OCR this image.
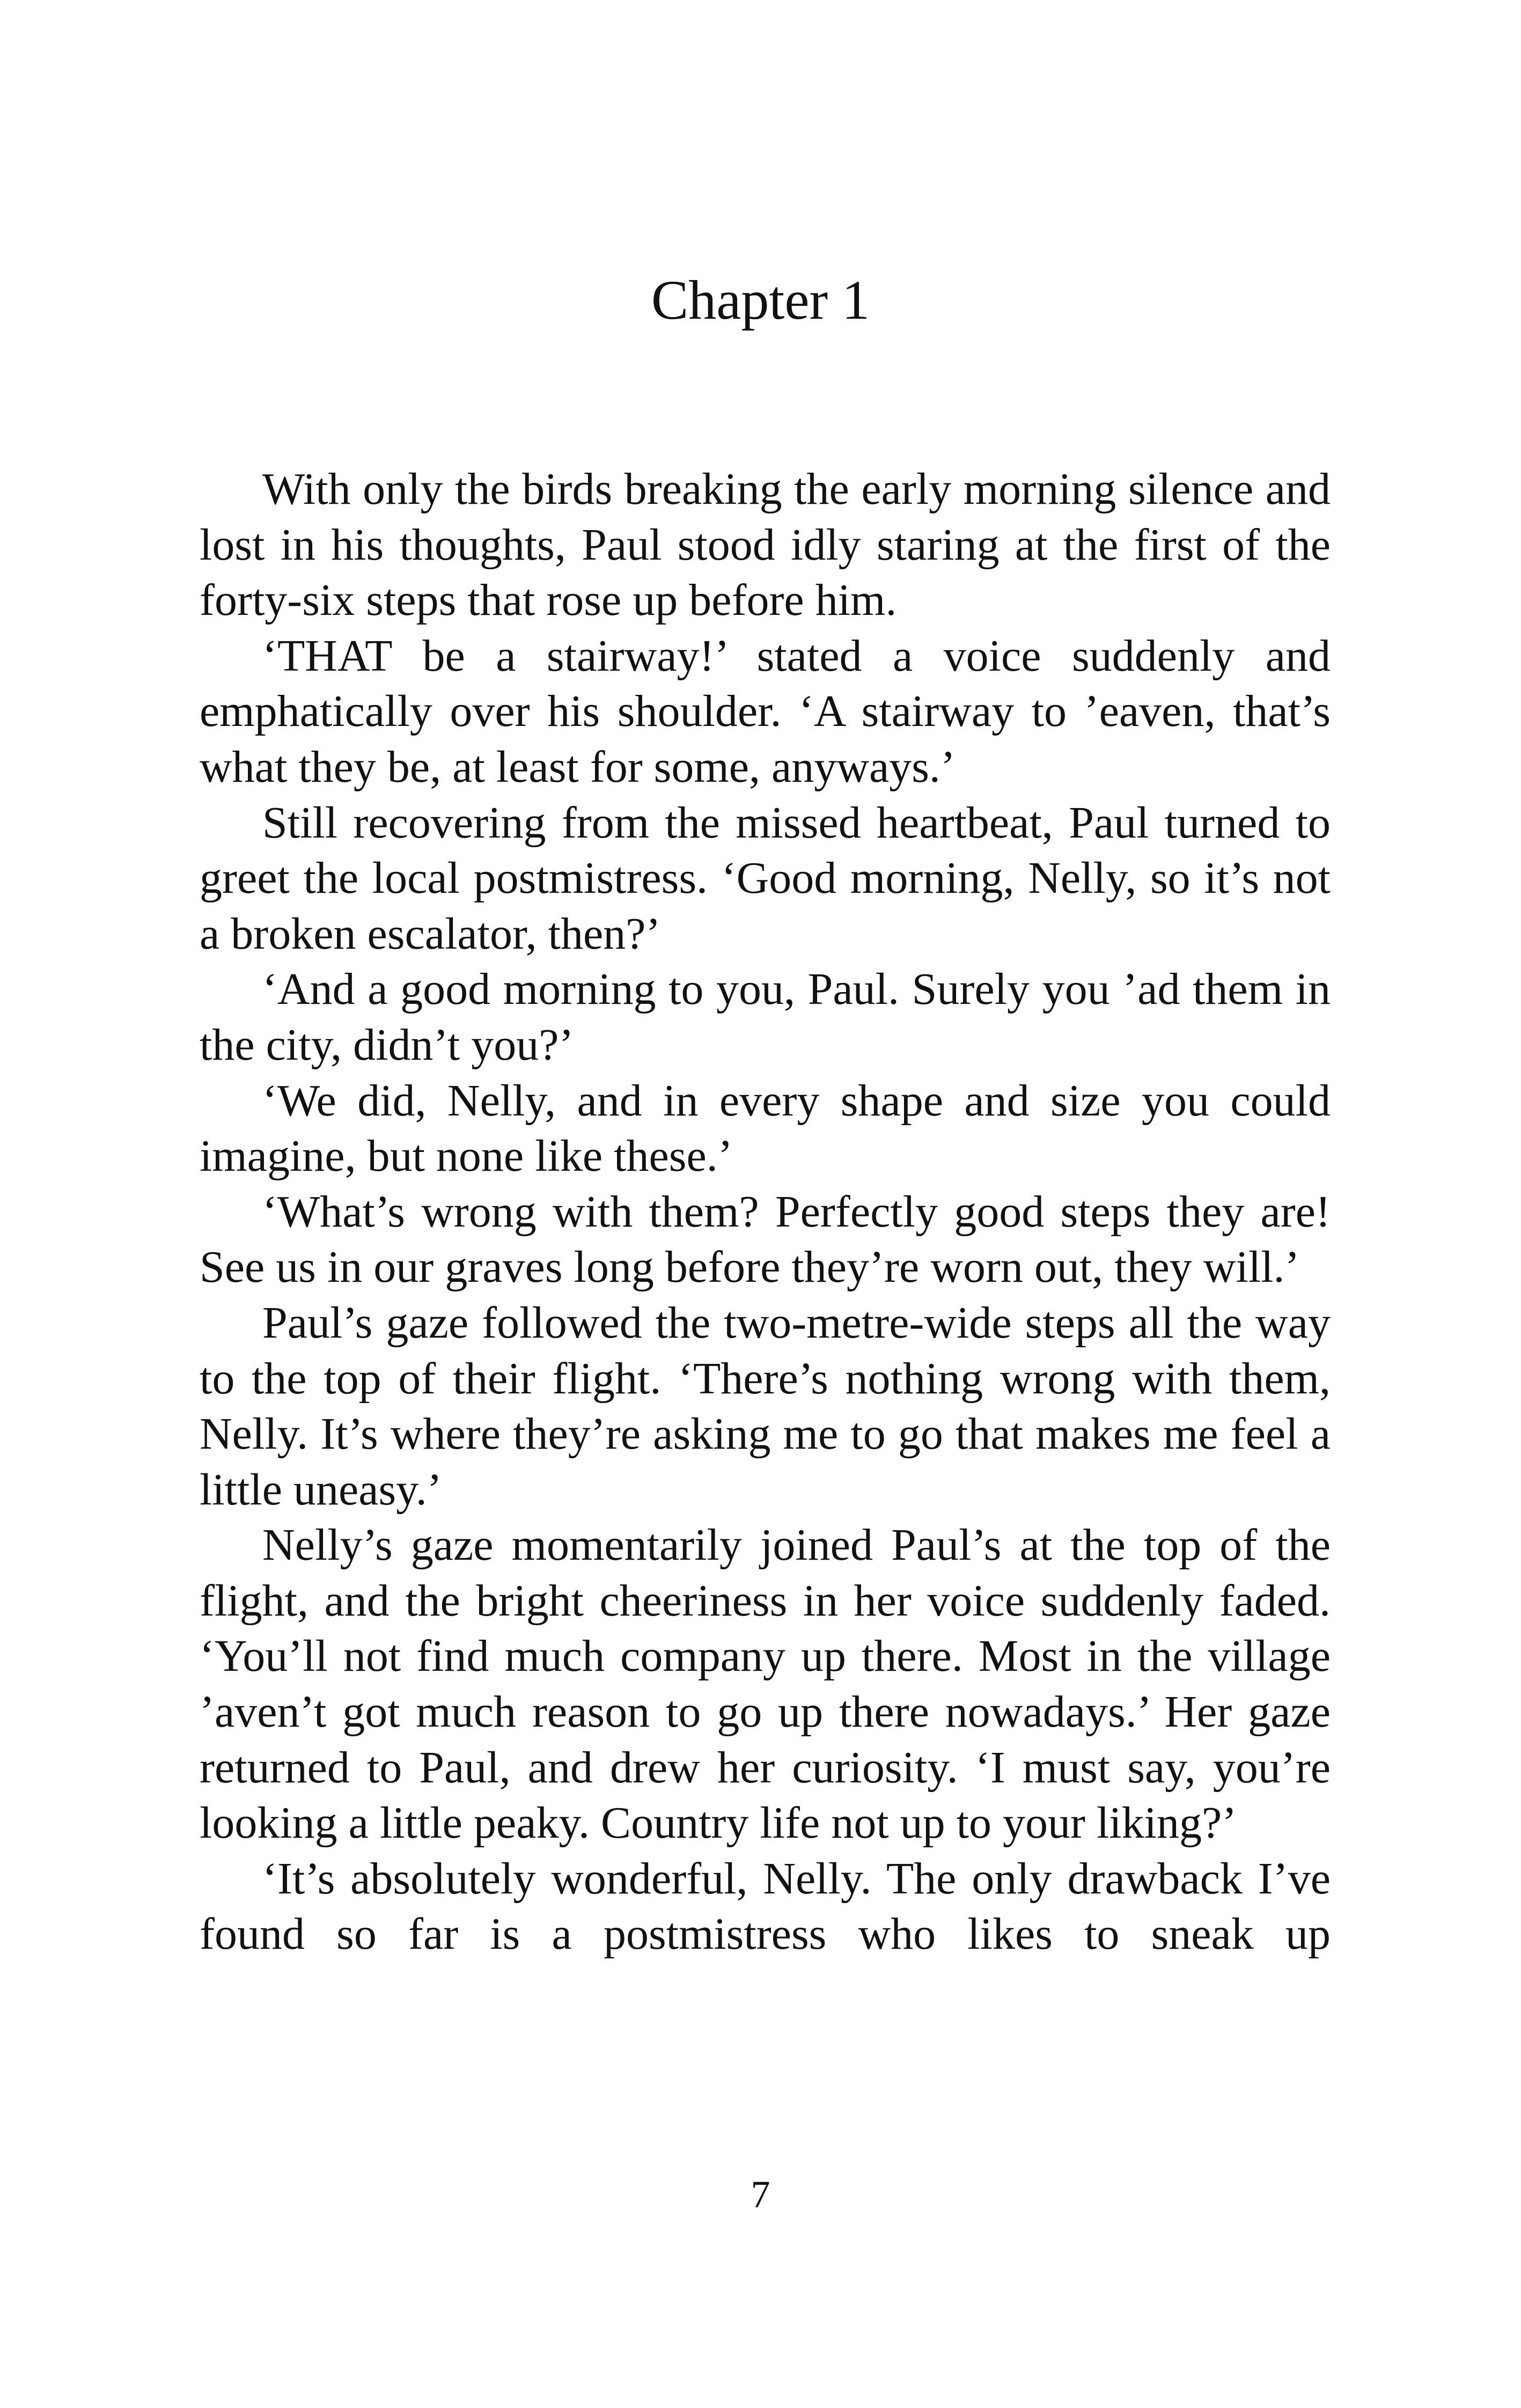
Chapter 1

With only the birds breaking the early morning silence and lost in his thoughts, Paul stood idly staring at the first of the forty-six steps that rose up before him.

‘THAT be a stairway!’ stated a voice suddenly and emphatically over his shoulder. ‘A stairway to ’eaven, that’s what they be, at least for some, anyways.’

Still recovering from the missed heartbeat, Paul turned to greet the local postmistress. ‘Good morning, Nelly, so it’s not a broken escalator, then?’

‘And a good morning to you, Paul. Surely you ’ad them in the city, didn’t you?’

‘We did, Nelly, and in every shape and size you could imagine, but none like these.’

‘What’s wrong with them? Perfectly good steps they are! See us in our graves long before they’re worn out, they will.’

Paul’s gaze followed the two-metre-wide steps all the way to the top of their flight. ‘There’s nothing wrong with them, Nelly. It’s where they’re asking me to go that makes me feel a little uneasy.’

Nelly’s gaze momentarily joined Paul’s at the top of the flight, and the bright cheeriness in her voice suddenly faded. ‘You’ll not find much company up there. Most in the village ’aven’t got much reason to go up there nowadays.’ Her gaze returned to Paul, and drew her curiosity. ‘I must say, you’re looking a little peaky. Country life not up to your liking?’

‘It’s absolutely wonderful, Nelly. The only drawback I’ve found so far is a postmistress who likes to sneak up

7
